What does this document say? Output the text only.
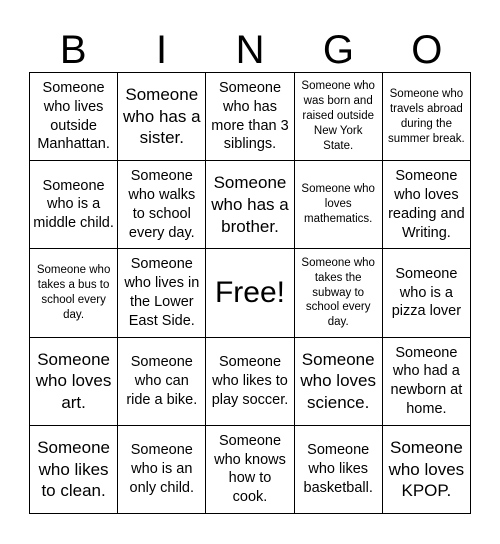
B	I	N	G	O
Someone who lives outside Manhattan.
Someone who has a sister.
Someone who has more than 3 siblings.
Someone who was born and raised outside New York State.
Someone who travels abroad during the summer break.
Someone who is a middle child.
Someone who walks to school every day.
Someone who has a brother.
Someone who loves mathematics.
Someone who loves reading and Writing.
Someone who takes a bus to school every day.
Someone who lives in the Lower East Side.
Free!
Someone who takes the subway to school every day.
Someone who is a pizza lover
Someone who loves art.
Someone who can ride a bike.
Someone who likes to play soccer.
Someone who loves science.
Someone who had a newborn at home.
Someone who likes to clean.
Someone who is an only child.
Someone who knows how to cook.
Someone who likes basketball.
Someone who loves KPOP.
